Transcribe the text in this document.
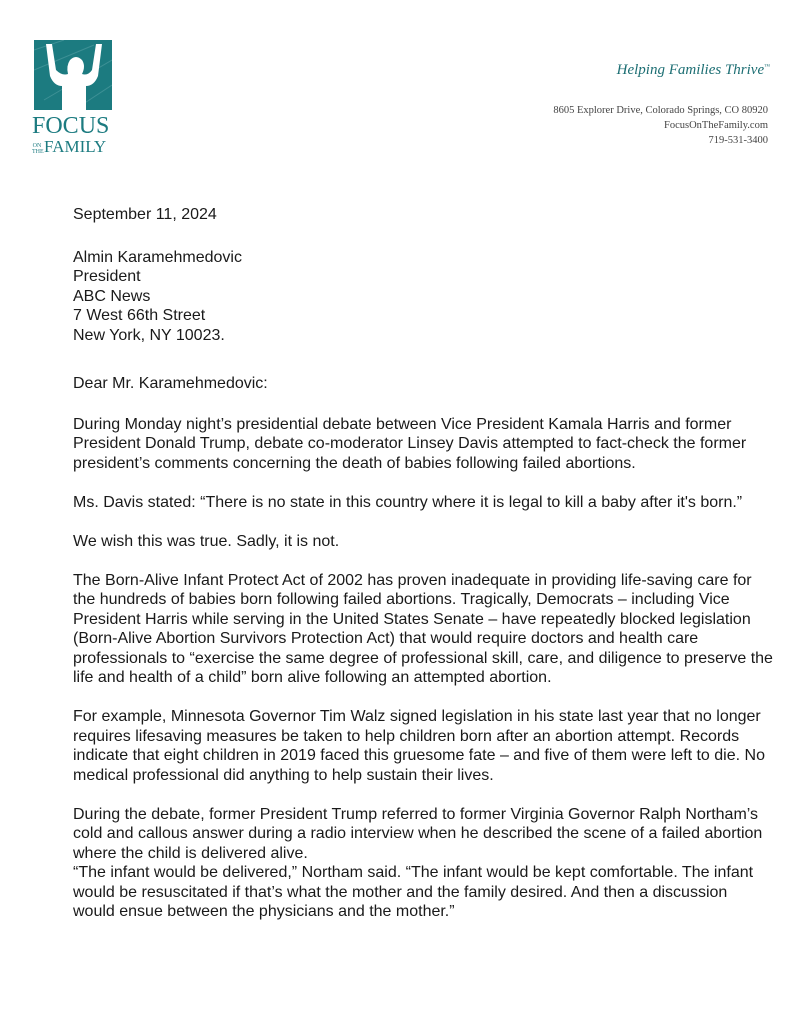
FOCUS
ON THE FAMILY
Helping Families Thrive™
8605 Explorer Drive, Colorado Springs, CO 80920
FocusOnTheFamily.com
719-531-3400
September 11, 2024
Almin Karamehmedovic
President
ABC News
7 West 66th Street
New York, NY 10023.
Dear Mr. Karamehmedovic:

During Monday night’s presidential debate between Vice President Kamala Harris and former President Donald Trump, debate co-moderator Linsey Davis attempted to fact-check the former president’s comments concerning the death of babies following failed abortions.

Ms. Davis stated: “There is no state in this country where it is legal to kill a baby after it's born.”

We wish this was true. Sadly, it is not.

The Born-Alive Infant Protect Act of 2002 has proven inadequate in providing life-saving care for the hundreds of babies born following failed abortions. Tragically, Democrats – including Vice President Harris while serving in the United States Senate – have repeatedly blocked legislation (Born-Alive Abortion Survivors Protection Act) that would require doctors and health care professionals to “exercise the same degree of professional skill, care, and diligence to preserve the life and health of a child” born alive following an attempted abortion.

For example, Minnesota Governor Tim Walz signed legislation in his state last year that no longer requires lifesaving measures be taken to help children born after an abortion attempt. Records indicate that eight children in 2019 faced this gruesome fate – and five of them were left to die. No medical professional did anything to help sustain their lives.

During the debate, former President Trump referred to former Virginia Governor Ralph Northam’s cold and callous answer during a radio interview when he described the scene of a failed abortion where the child is delivered alive.

“The infant would be delivered,” Northam said. “The infant would be kept comfortable. The infant would be resuscitated if that’s what the mother and the family desired. And then a discussion would ensue between the physicians and the mother.”
